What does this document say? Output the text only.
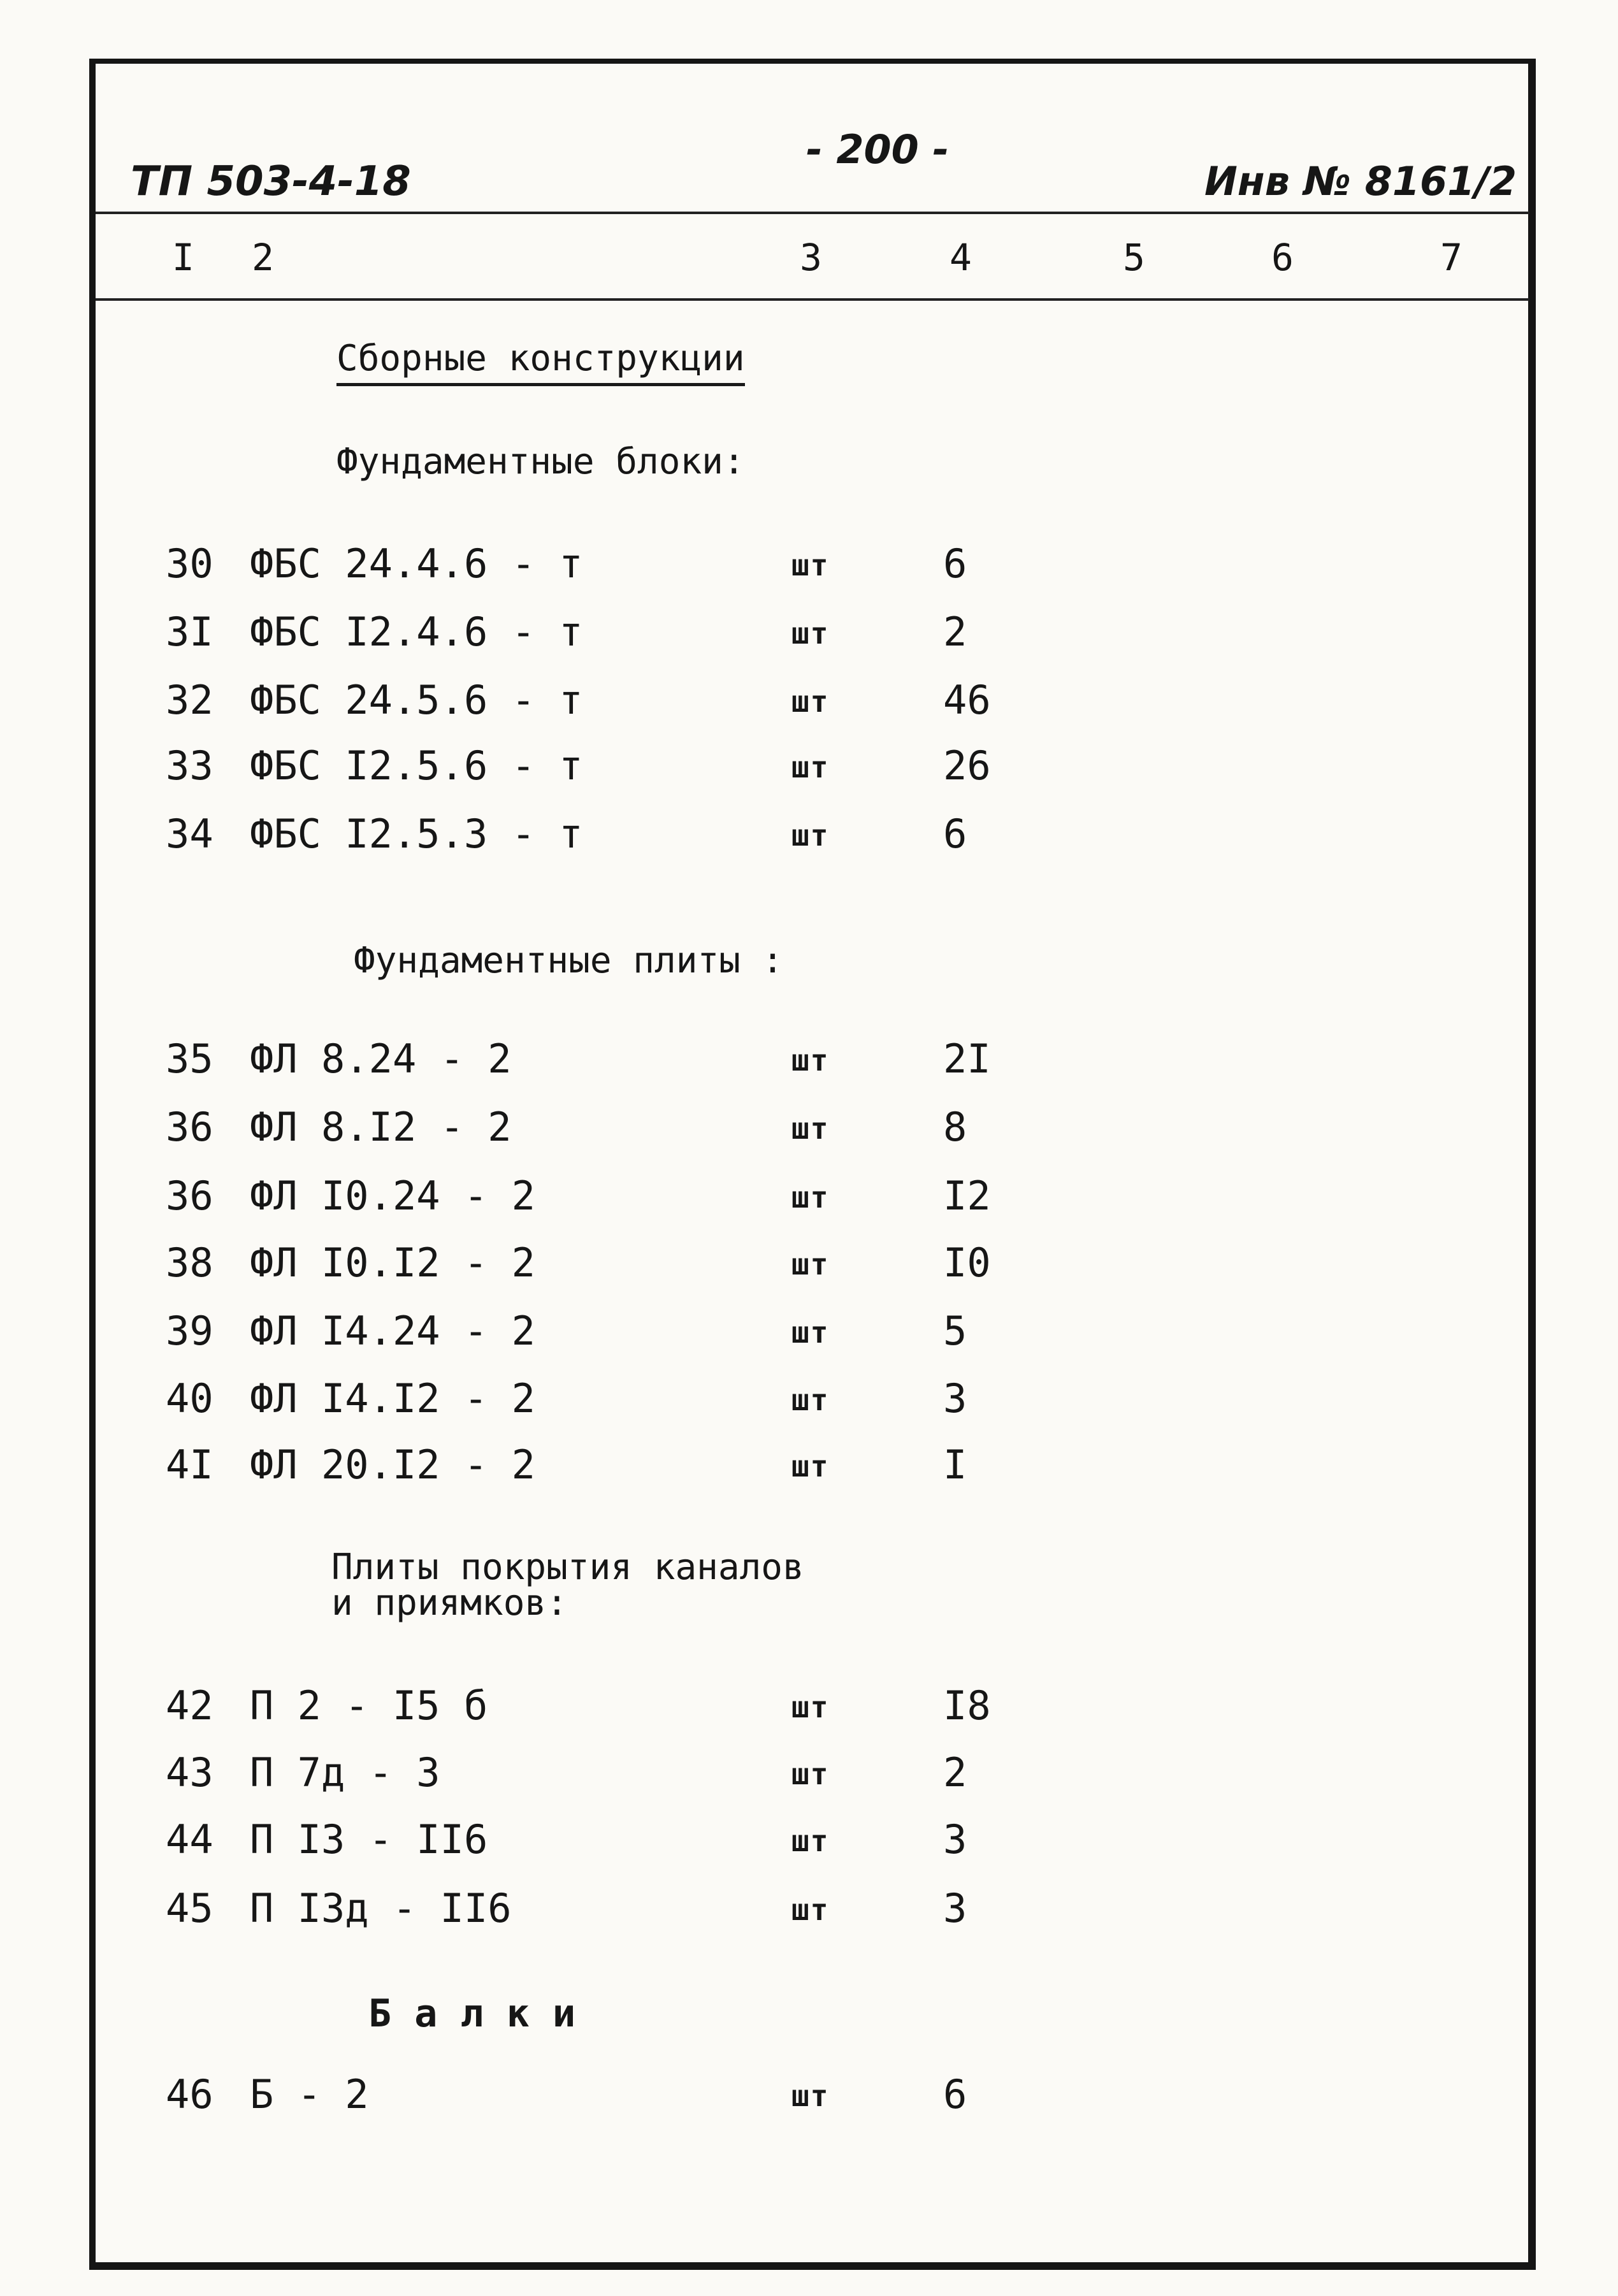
ТП 503-4-18
- 200 -
Инв № 8161/2
I 2	3	4	5	6	7
Сборные конструкции
Фундаментные блоки:
Фундаментные плиты :
Плиты покрытия каналов
и приямков:
Б а л к и
30 ФБС 24.4.6 - т	шт	6
3I ФБС I2.4.6 - т	шт	2
32 ФБС 24.5.6 - т	шт	46
33 ФБС I2.5.6 - т	шт	26
34 ФБС I2.5.3 - т	шт	6
35 ФЛ 8.24 - 2	шт	2I
36 ФЛ 8.I2 - 2	шт	8
36 ФЛ I0.24 - 2	шт	I2
38 ФЛ I0.I2 - 2	шт	I0
39 ФЛ I4.24 - 2	шт	5
40 ФЛ I4.I2 - 2	шт	3
4I ФЛ 20.I2 - 2	шт	I
42 П 2 - I5 б	шт	I8
43 П 7д - 3	шт	2
44 П I3 - II6	шт	3
45 П I3д - II6	шт	3
46 Б - 2	шт	6
